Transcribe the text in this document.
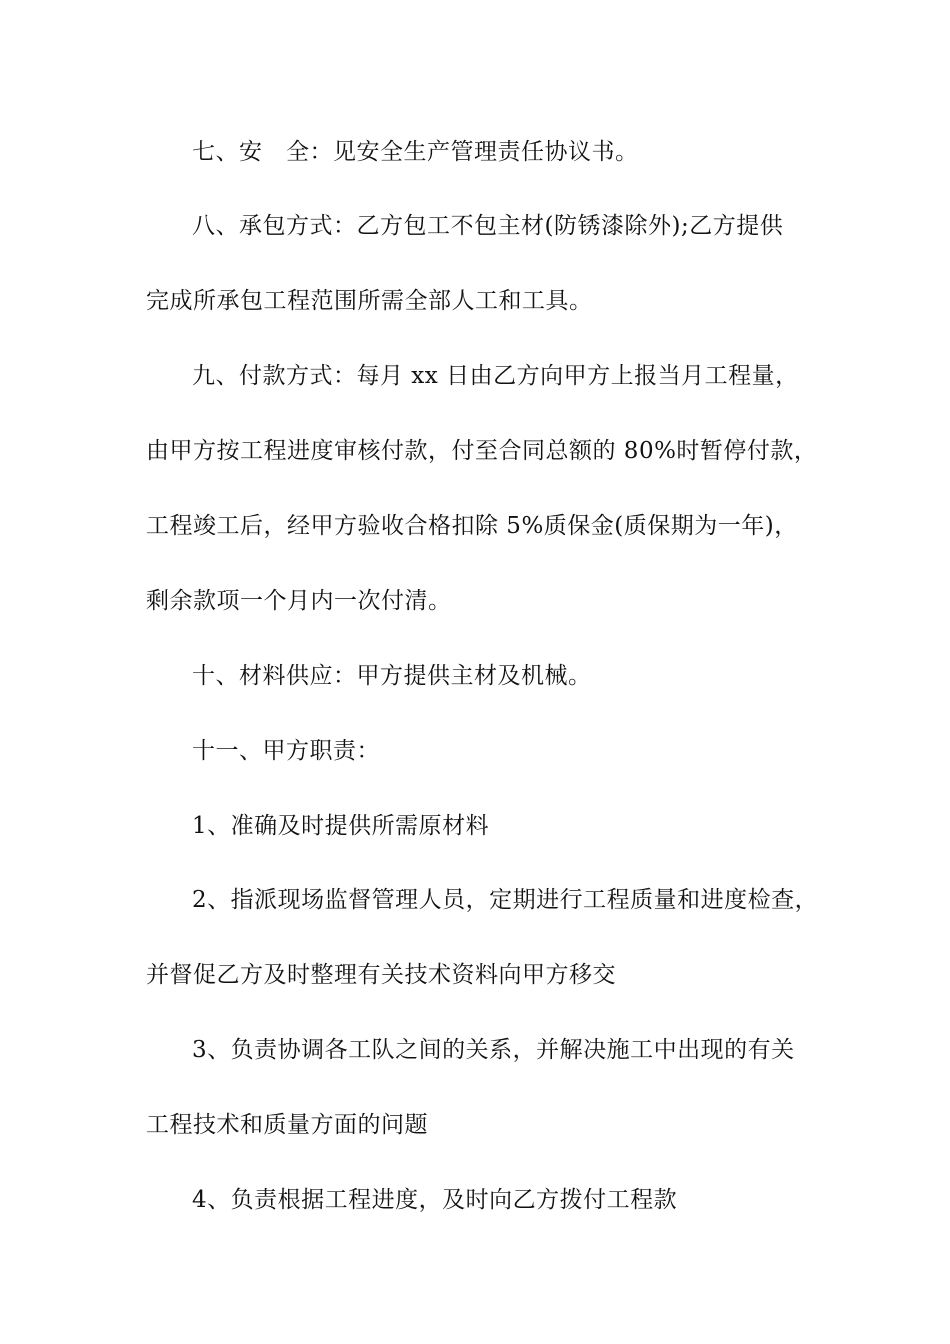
七、安　全：见安全生产管理责任协议书。
八、承包方式：乙方包工不包主材(防锈漆除外);乙方提供
完成所承包工程范围所需全部人工和工具。
九、付款方式：每月 xx 日由乙方向甲方上报当月工程量，
由甲方按工程进度审核付款，付至合同总额的 80%时暂停付款，
工程竣工后，经甲方验收合格扣除 5%质保金(质保期为一年)，
剩余款项一个月内一次付清。
十、材料供应：甲方提供主材及机械。
十一、甲方职责：
1、准确及时提供所需原材料
2、指派现场监督管理人员，定期进行工程质量和进度检查，
并督促乙方及时整理有关技术资料向甲方移交
3、负责协调各工队之间的关系，并解决施工中出现的有关
工程技术和质量方面的问题
4、负责根据工程进度，及时向乙方拨付工程款
